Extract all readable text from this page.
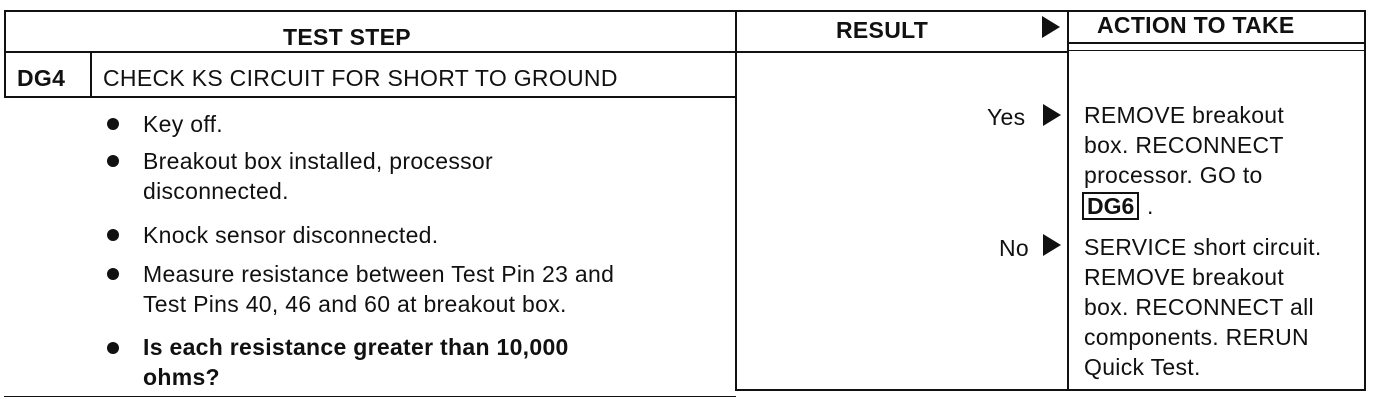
TEST STEP	RESULT	ACTION TO TAKE
DG4 CHECK KS CIRCUIT FOR SHORT TO GROUND
Key off.
Breakout box installed, processor
disconnected.
Knock sensor disconnected.
Measure resistance between Test Pin 23 and
Test Pins 40, 46 and 60 at breakout box.
Is each resistance greater than 10,000
ohms?
Yes
No
REMOVE breakout
box. RECONNECT
processor. GO to
DG6 .
SERVICE short circuit.
REMOVE breakout
box. RECONNECT all
components. RERUN
Quick Test.
